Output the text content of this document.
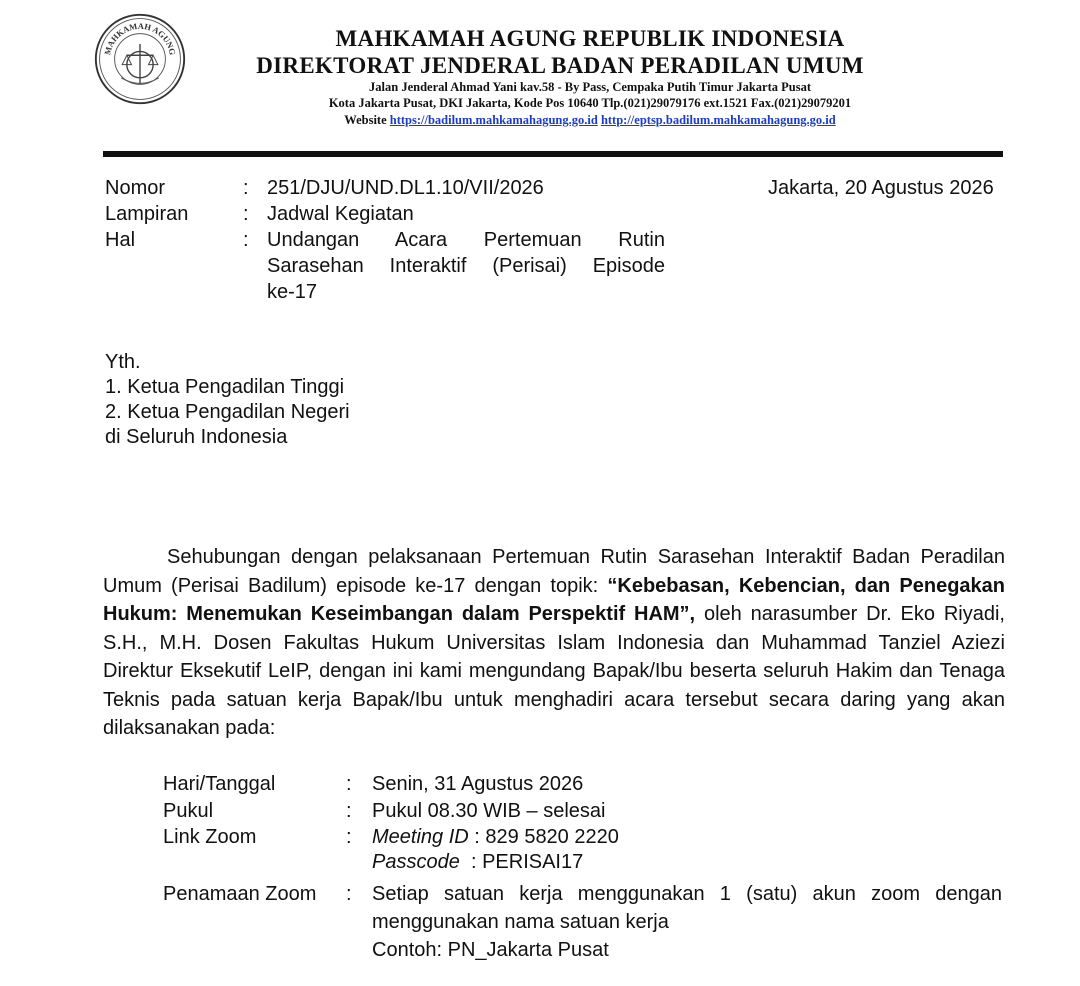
MAHKAMAH AGUNG
MAHKAMAH AGUNG REPUBLIK INDONESIA
DIREKTORAT JENDERAL BADAN PERADILAN UMUM
Jalan Jenderal Ahmad Yani kav.58 - By Pass, Cempaka Putih Timur Jakarta Pusat
Kota Jakarta Pusat, DKI Jakarta, Kode Pos 10640 Tlp.(021)29079176 ext.1521 Fax.(021)29079201
Website https://badilum.mahkamahagung.go.id http://eptsp.badilum.mahkamahagung.go.id
Nomor	: 251/DJU/UND.DL1.10/VII/2026
Lampiran	: Jadwal Kegiatan
Hal	: Undangan Acara Pertemuan Rutin
Sarasehan Interaktif (Perisai) Episode
ke-17
Jakarta, 20 Agustus 2026
Yth.
1. Ketua Pengadilan Tinggi
2. Ketua Pengadilan Negeri
di Seluruh Indonesia
Sehubungan dengan pelaksanaan Pertemuan Rutin Sarasehan Interaktif Badan Peradilan Umum (Perisai Badilum) episode ke-17 dengan topik: “Kebebasan, Kebencian, dan Penegakan Hukum: Menemukan Keseimbangan dalam Perspektif HAM”, oleh narasumber Dr. Eko Riyadi, S.H., M.H. Dosen Fakultas Hukum Universitas Islam Indonesia dan Muhammad Tanziel Aziezi Direktur Eksekutif LeIP, dengan ini kami mengundang Bapak/Ibu beserta seluruh Hakim dan Tenaga Teknis pada satuan kerja Bapak/Ibu untuk menghadiri acara tersebut secara daring yang akan dilaksanakan pada:
Hari/Tanggal	: Senin, 31 Agustus 2026
Pukul	: Pukul 08.30 WIB – selesai
Link Zoom	: Meeting ID : 829 5820 2220
Passcode  : PERISAI17
Penamaan Zoom : Setiap satuan kerja menggunakan 1 (satu) akun zoom dengan
menggunakan nama satuan kerja
Contoh: PN_Jakarta Pusat
